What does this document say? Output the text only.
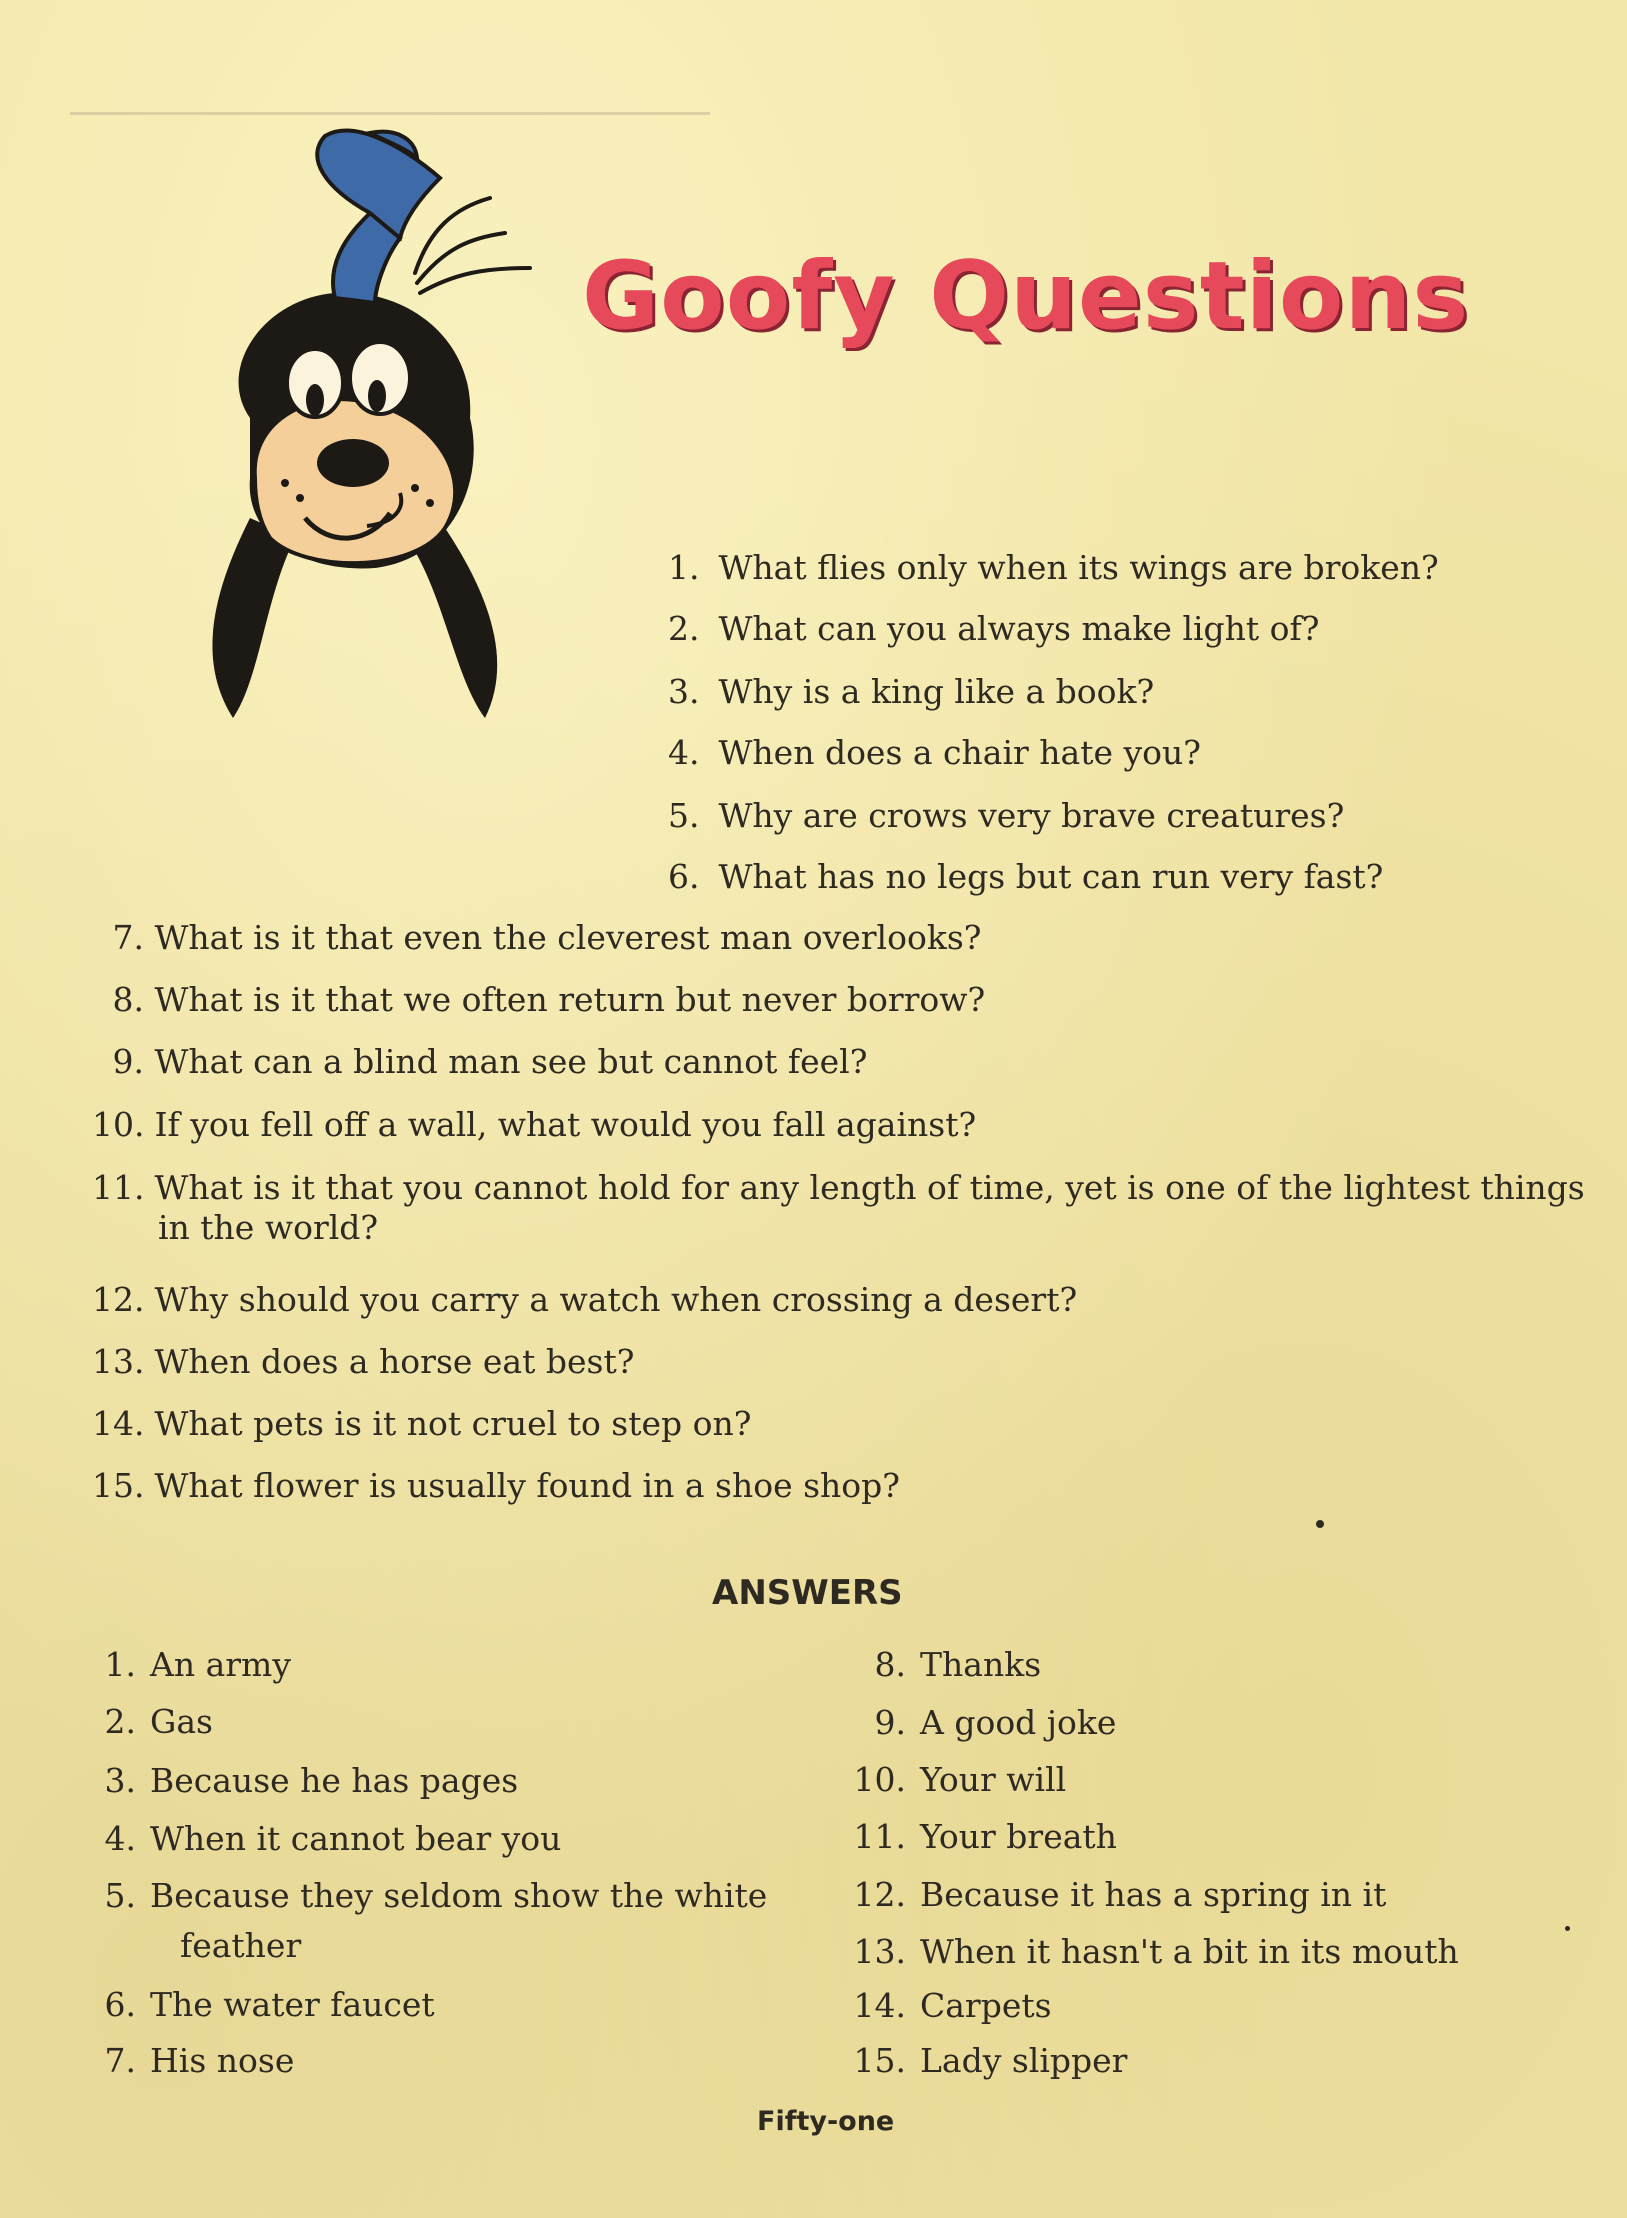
Goofy Questions

1. What flies only when its wings are broken?

2. What can you always make light of?

3. Why is a king like a book?

4. When does a chair hate you?

5. Why are crows very brave creatures?

6. What has no legs but can run very fast?

7. What is it that even the cleverest man overlooks?

8. What is it that we often return but never borrow?

9. What can a blind man see but cannot feel?

10. If you fell off a wall, what would you fall against?

11. What is it that you cannot hold for any length of time, yet is one of the lightest things in the world?

12. Why should you carry a watch when crossing a desert?

13. When does a horse eat best?

14. What pets is it not cruel to step on?

15. What flower is usually found in a shoe shop?

ANSWERS

1. An army

2. Gas

3. Because he has pages

4. When it cannot bear you

5. Because they seldom show the white
feather

6. The water faucet

7. His nose

8. Thanks

9. A good joke

10. Your will

11. Your breath

12. Because it has a spring in it

13. When it hasn't a bit in its mouth

14. Carpets

15. Lady slipper

Fifty-one
